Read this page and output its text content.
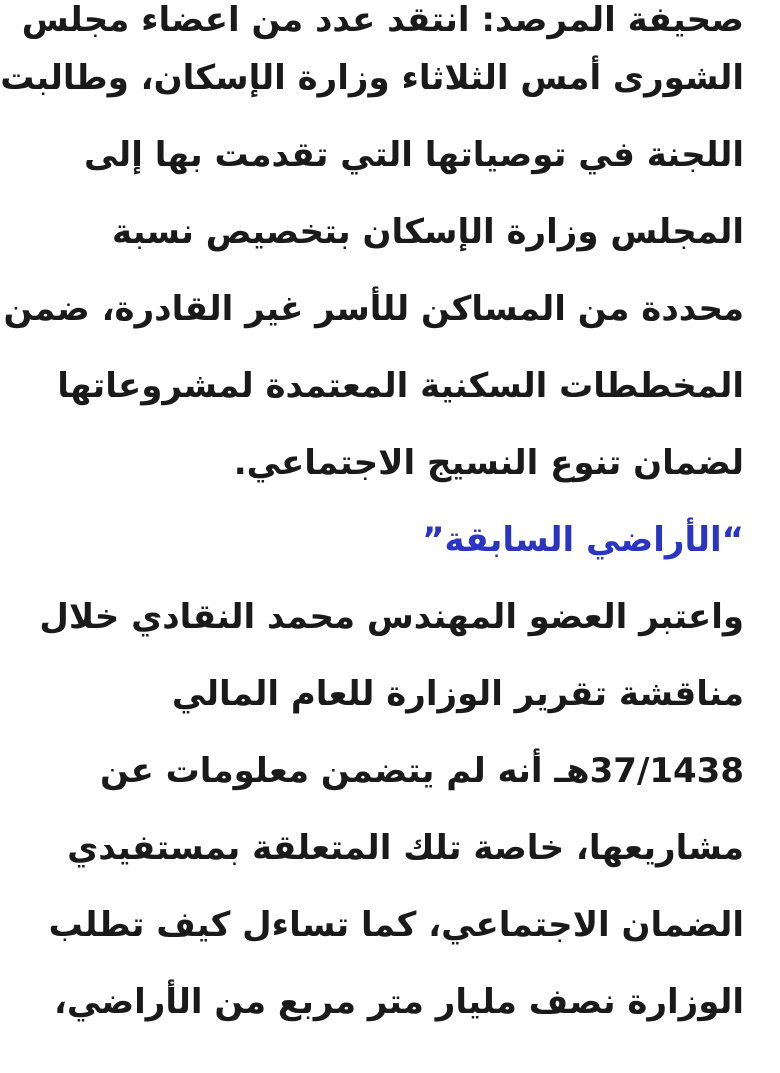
صحيفة المرصد: انتقد عدد من اعضاء مجلس
الشورى أمس الثلاثاء وزارة الإسكان، وطالبت
اللجنة في توصياتها التي تقدمت بها إلى
المجلس وزارة الإسكان بتخصيص نسبة
محددة من المساكن للأسر غير القادرة، ضمن
المخططات السكنية المعتمدة لمشروعاتها
لضمان تنوع النسيج الاجتماعي.
“الأراضي السابقة”
واعتبر العضو المهندس محمد النقادي خلال
مناقشة تقرير الوزارة للعام المالي
37/1438هـ أنه لم يتضمن معلومات عن
مشاريعها، خاصة تلك المتعلقة بمستفيدي
الضمان الاجتماعي، كما تساءل كيف تطلب
الوزارة نصف مليار متر مربع من الأراضي،
